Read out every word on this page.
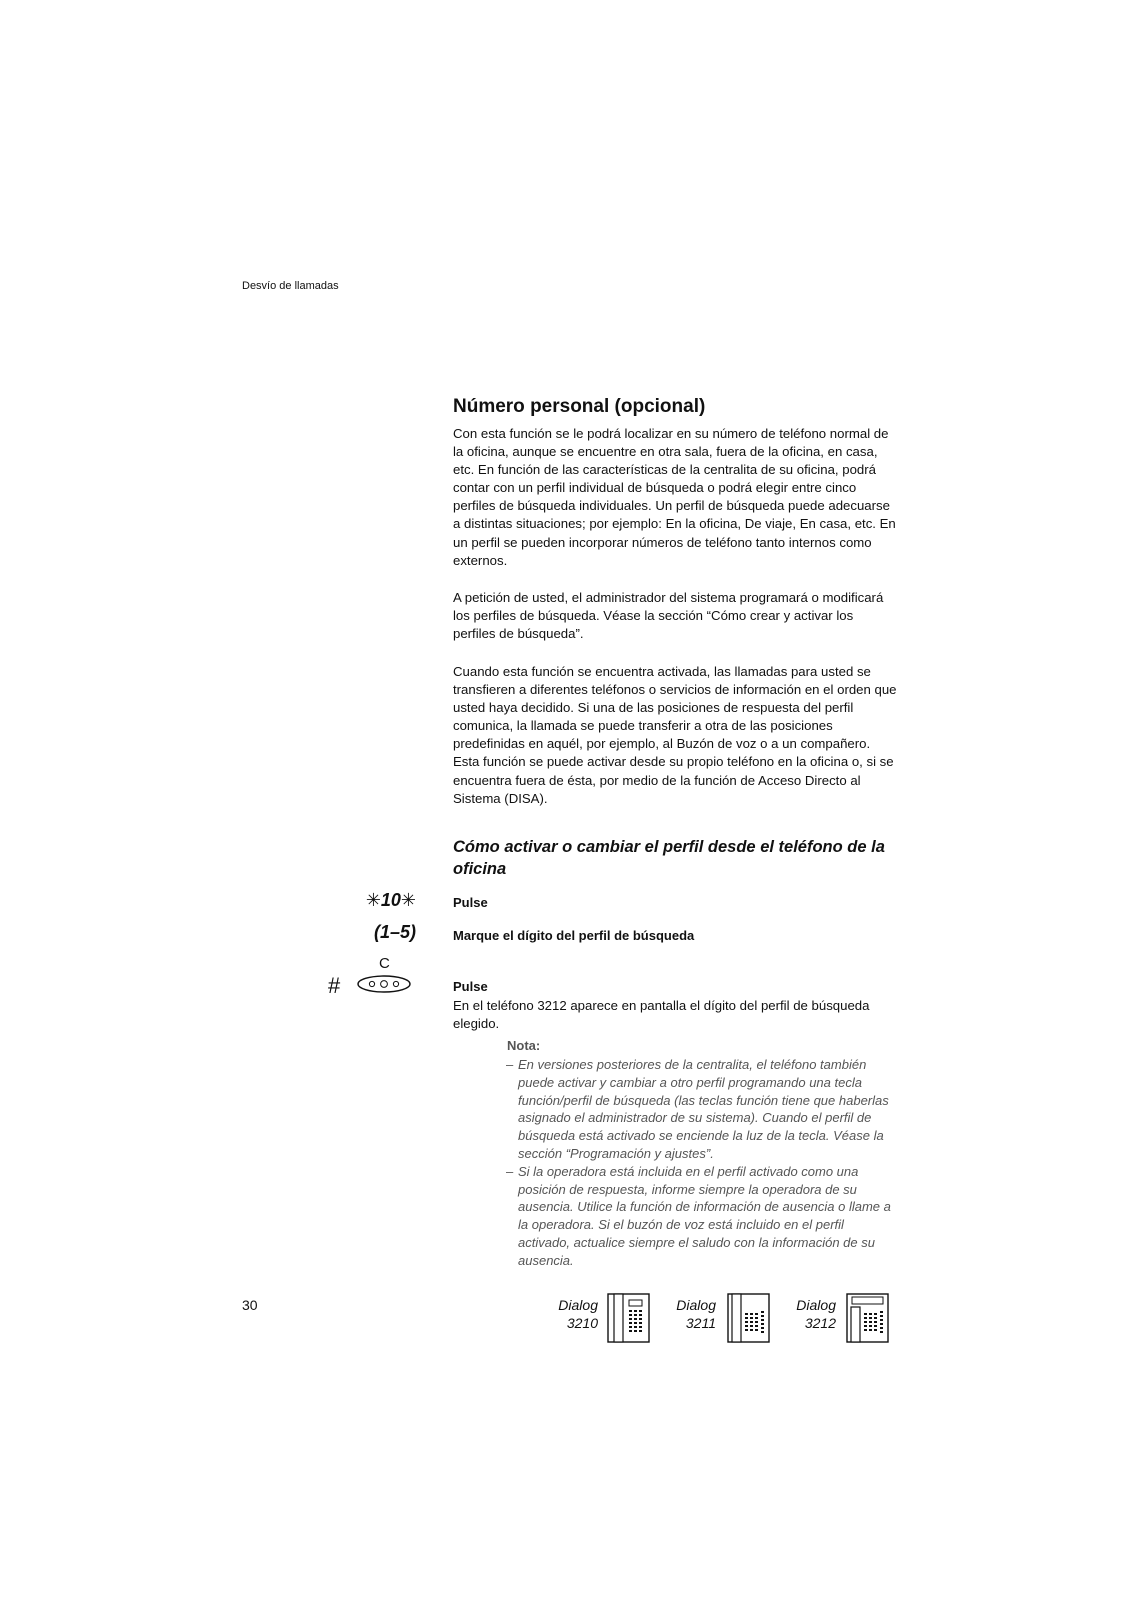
Desvío de llamadas
Número personal (opcional)

Con esta función se le podrá localizar en su número de teléfono normal de la oficina, aunque se encuentre en otra sala, fuera de la oficina, en casa, etc. En función de las características de la centralita de su oficina, podrá contar con un perfil individual de búsqueda o podrá elegir entre cinco perfiles de búsqueda individuales. Un perfil de búsqueda puede adecuarse a distintas situaciones; por ejemplo: En la oficina, De viaje, En casa, etc. En un perfil se pueden incorporar números de teléfono tanto internos como externos.

A petición de usted, el administrador del sistema programará o modificará los perfiles de búsqueda. Véase la sección “Cómo crear y activar los perfiles de búsqueda”.

Cuando esta función se encuentra activada, las llamadas para usted se transfieren a diferentes teléfonos o servicios de información en el orden que usted haya decidido. Si una de las posiciones de respuesta del perfil comunica, la llamada se puede transferir a otra de las posiciones predefinidas en aquél, por ejemplo, al Buzón de voz o a un compañero. Esta función se puede activar desde su propio teléfono en la oficina o, si se encuentra fuera de ésta, por medio de la función de Acceso Directo al Sistema (DISA).

Cómo activar o cambiar el perfil desde el teléfono de la oficina
✳10✳
(1–5)
#
C
Pulse
Marque el dígito del perfil de búsqueda
Pulse

En el teléfono 3212 aparece en pantalla el dígito del perfil de búsqueda elegido.

Nota:
– En versiones posteriores de la centralita, el teléfono también puede activar y cambiar a otro perfil programando una tecla función/perfil de búsqueda (las teclas función tiene que haberlas asignado el administrador de su sistema). Cuando el perfil de búsqueda está activado se enciende la luz de la tecla. Véase la sección “Programación y ajustes”.
– Si la operadora está incluida en el perfil activado como una posición de respuesta, informe siempre la operadora de su ausencia. Utilice la función de información de ausencia o llame a la operadora. Si el buzón de voz está incluido en el perfil activado, actualice siempre el saludo con la información de su ausencia.
30	Dialog
3210
Dialog
3211
Dialog
3212
